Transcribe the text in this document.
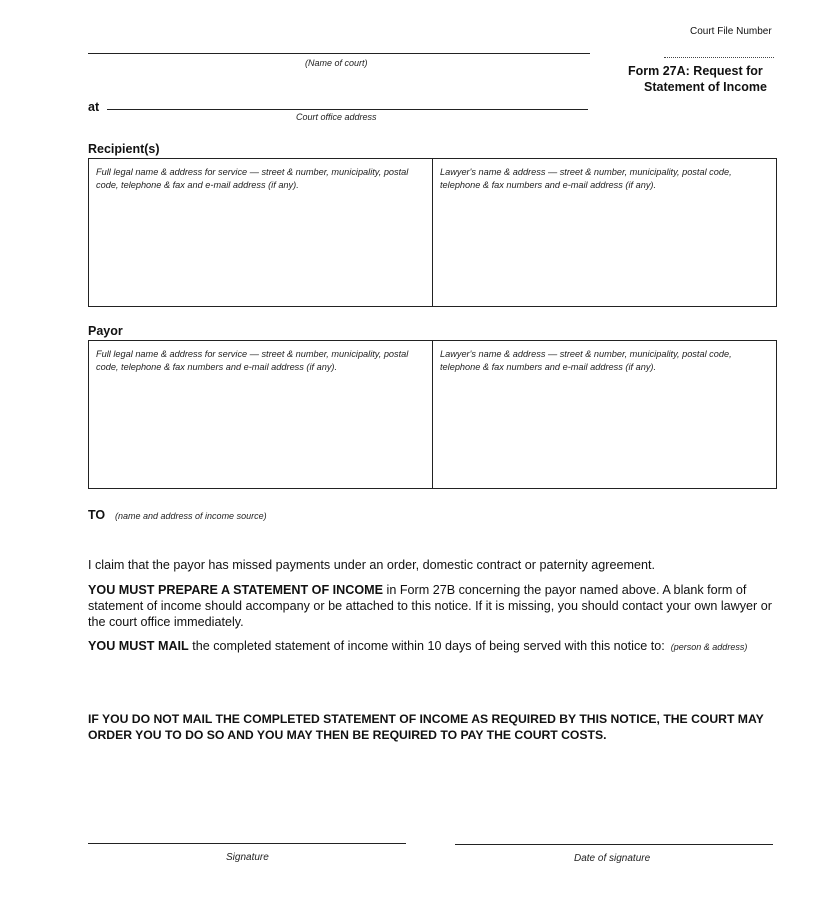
Court File Number
Form 27A: Request for
Statement of Income
(Name of court)
at
Court office address
Recipient(s)
Full legal name & address for service — street & number, municipality, postal code, telephone & fax and e-mail address (if any).
Lawyer's name & address — street & number, municipality, postal code, telephone & fax numbers and e-mail address (if any).
Payor
Full legal name & address for service — street & number, municipality, postal code, telephone & fax numbers and e-mail address (if any).
Lawyer's name & address — street & number, municipality, postal code, telephone & fax numbers and e-mail address (if any).
TO (name and address of income source)
I claim that the payor has missed payments under an order, domestic contract or paternity agreement.
YOU MUST PREPARE A STATEMENT OF INCOME in Form 27B concerning the payor named above. A blank form of statement of income should accompany or be attached to this notice. If it is missing, you should contact your own lawyer or the court office immediately.
YOU MUST MAIL the completed statement of income within 10 days of being served with this notice to: (person & address)
IF YOU DO NOT MAIL THE COMPLETED STATEMENT OF INCOME AS REQUIRED BY THIS NOTICE, THE COURT MAY ORDER YOU TO DO SO AND YOU MAY THEN BE REQUIRED TO PAY THE COURT COSTS.
Signature	Date of signature
